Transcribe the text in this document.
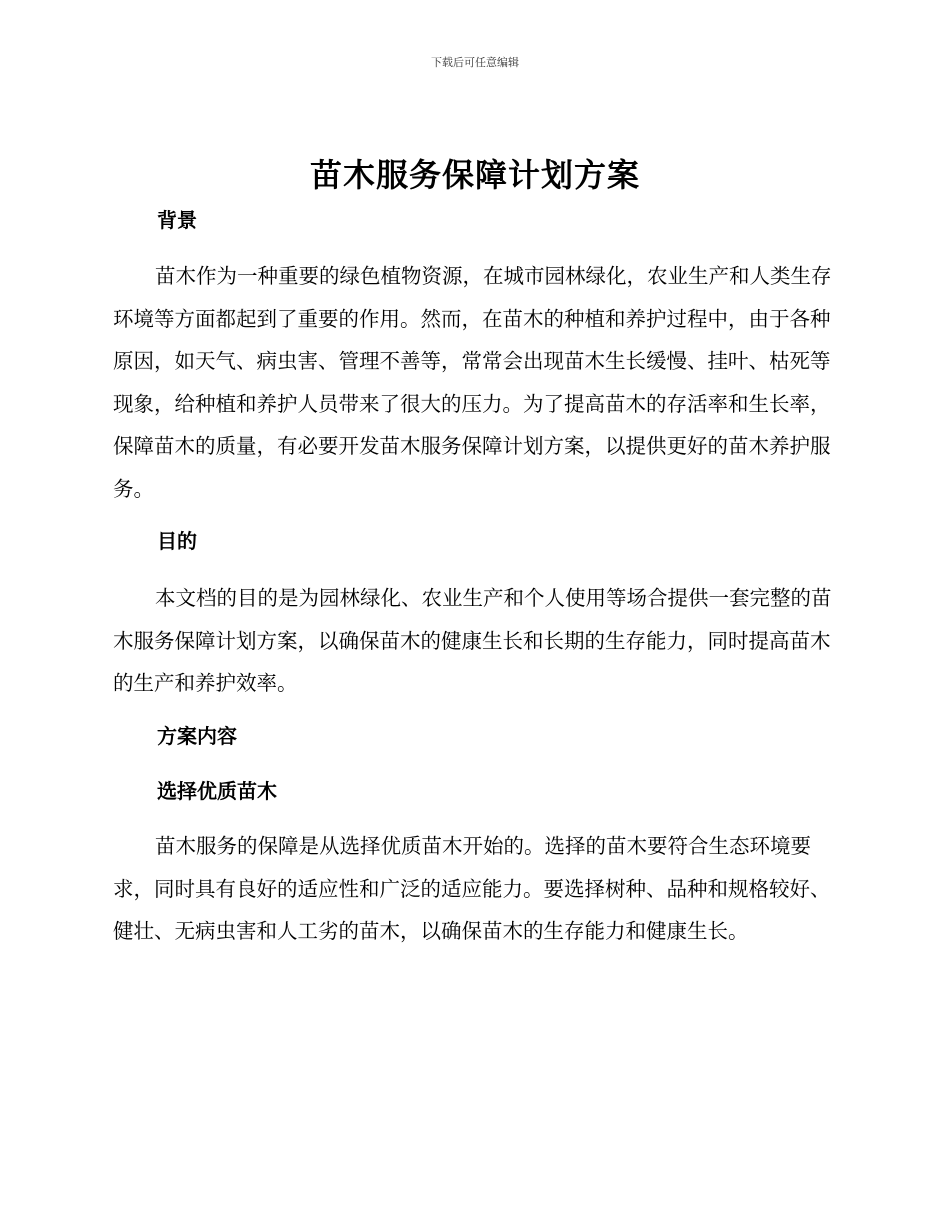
下载后可任意编辑
苗木服务保障计划方案
背景

苗木作为一种重要的绿色植物资源，在城市园林绿化，农业生产和人类生存环境等方面都起到了重要的作用。然而，在苗木的种植和养护过程中，由于各种原因，如天气、病虫害、管理不善等，常常会出现苗木生长缓慢、挂叶、枯死等现象，给种植和养护人员带来了很大的压力。为了提高苗木的存活率和生长率，保障苗木的质量，有必要开发苗木服务保障计划方案，以提供更好的苗木养护服务。

目的

本文档的目的是为园林绿化、农业生产和个人使用等场合提供一套完整的苗木服务保障计划方案，以确保苗木的健康生长和长期的生存能力，同时提高苗木的生产和养护效率。

方案内容
选择优质苗木

苗木服务的保障是从选择优质苗木开始的。选择的苗木要符合生态环境要求，同时具有良好的适应性和广泛的适应能力。要选择树种、品种和规格较好、健壮、无病虫害和人工劣的苗木，以确保苗木的生存能力和健康生长。
